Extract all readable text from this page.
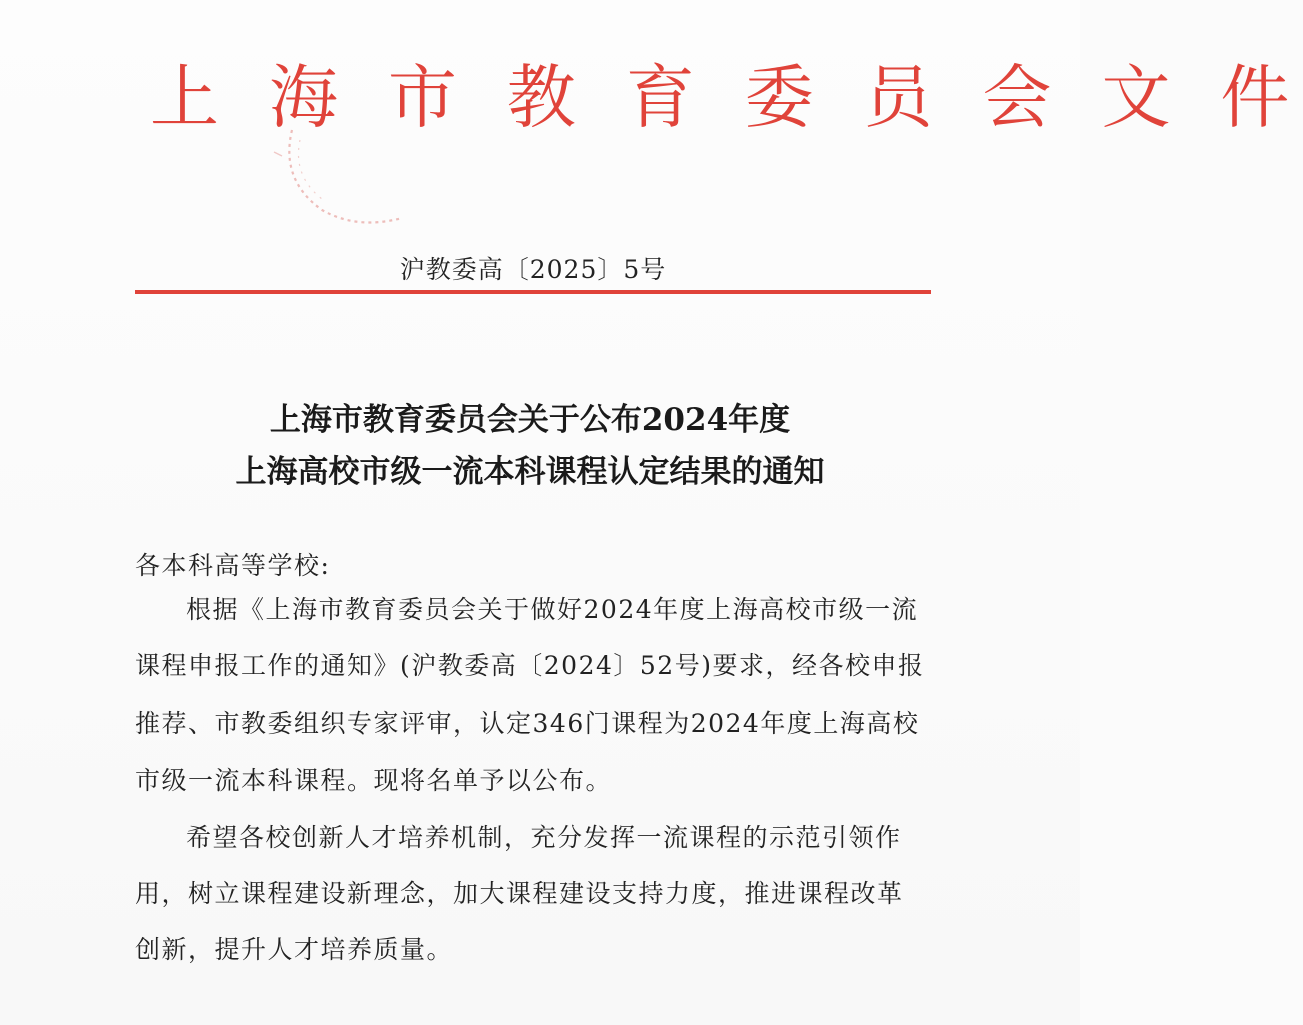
上 海 市 教 育 委 员 会 文 件
沪教委高〔2025〕5号
上海市教育委员会关于公布2024年度
上海高校市级一流本科课程认定结果的通知
各本科高等学校:
根据《上海市教育委员会关于做好2024年度上海高校市级一流
课程申报工作的通知》(沪教委高〔2024〕52号)要求，经各校申报
推荐、市教委组织专家评审，认定346门课程为2024年度上海高校
市级一流本科课程。现将名单予以公布。
希望各校创新人才培养机制，充分发挥一流课程的示范引领作
用，树立课程建设新理念，加大课程建设支持力度，推进课程改革
创新，提升人才培养质量。
